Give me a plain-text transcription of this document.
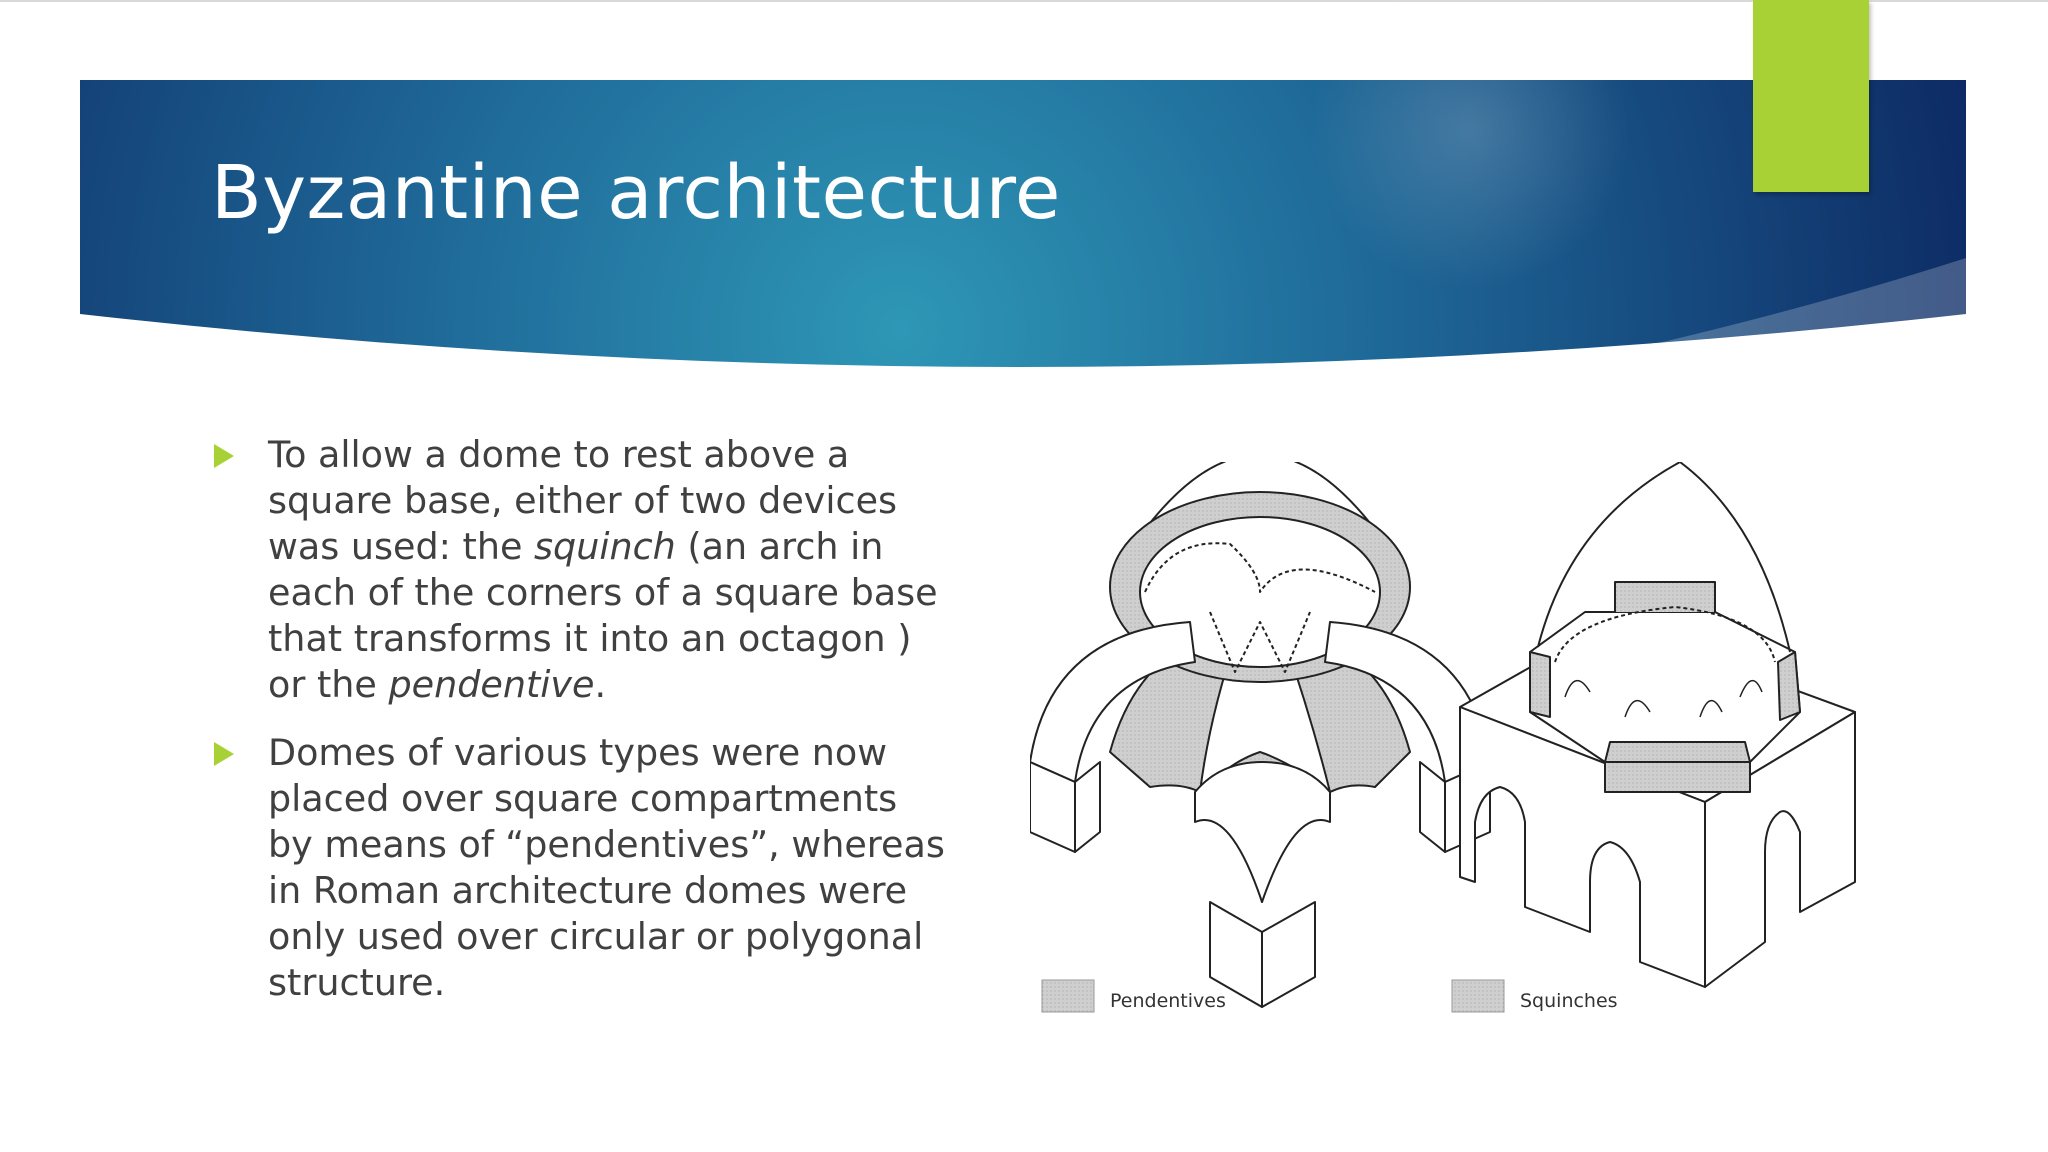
Byzantine architecture
To allow a dome to rest above a square base, either of two devices was used: the squinch (an arch in each of the corners of a square base that transforms it into an octagon ) or the pendentive.
Domes of various types were now placed over square compartments by means of “pendentives”, whereas in Roman architecture domes were only used over circular or polygonal structure.	Pendentives	Squinches
